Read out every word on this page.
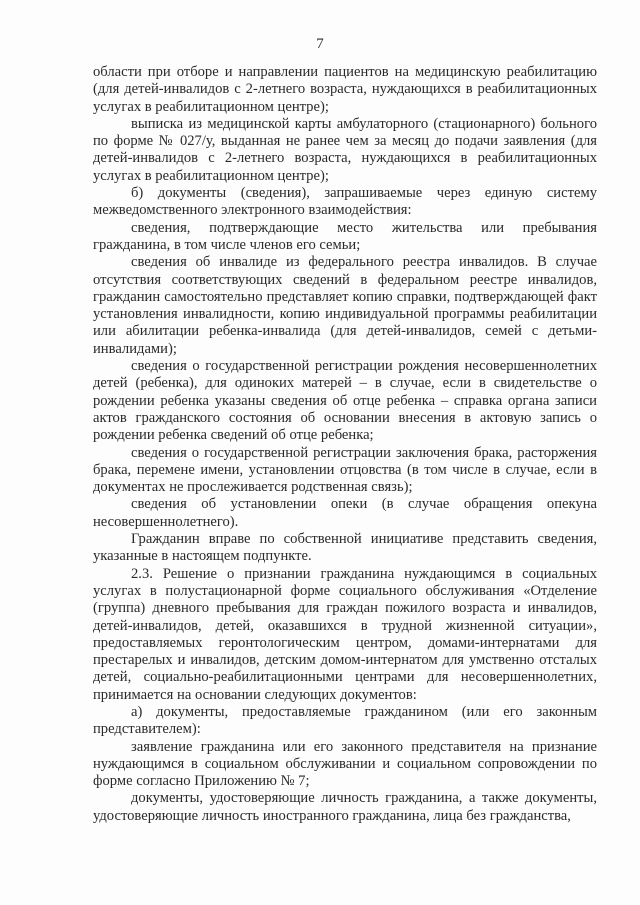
7

области при отборе и направлении пациентов на медицинскую реабилитацию (для детей-инвалидов с 2-летнего возраста, нуждающихся в реабилитационных услугах в реабилитационном центре);

выписка из медицинской карты амбулаторного (стационарного) больного по форме № 027/у, выданная не ранее чем за месяц до подачи заявления (для детей-инвалидов с 2-летнего возраста, нуждающихся в реабилитационных услугах в реабилитационном центре);

б) документы (сведения), запрашиваемые через единую систему межведомственного электронного взаимодействия:

сведения, подтверждающие место жительства или пребывания гражданина, в том числе членов его семьи;

сведения об инвалиде из федерального реестра инвалидов. В случае отсутствия соответствующих сведений в федеральном реестре инвалидов, гражданин самостоятельно представляет копию справки, подтверждающей факт установления инвалидности, копию индивидуальной программы реабилитации или абилитации ребенка-инвалида (для детей-инвалидов, семей с детьми-инвалидами);

сведения о государственной регистрации рождения несовершеннолетних детей (ребенка), для одиноких матерей – в случае, если в свидетельстве о рождении ребенка указаны сведения об отце ребенка – справка органа записи актов гражданского состояния об основании внесения в актовую запись о рождении ребенка сведений об отце ребенка;

сведения о государственной регистрации заключения брака, расторжения брака, перемене имени, установлении отцовства (в том числе в случае, если в документах не прослеживается родственная связь);

сведения об установлении опеки (в случае обращения опекуна несовершеннолетнего).

Гражданин вправе по собственной инициативе представить сведения, указанные в настоящем подпункте.

2.3. Решение о признании гражданина нуждающимся в социальных услугах в полустационарной форме социального обслуживания «Отделение (группа) дневного пребывания для граждан пожилого возраста и инвалидов, детей-инвалидов, детей, оказавшихся в трудной жизненной ситуации», предоставляемых геронтологическим центром, домами-интернатами для престарелых и инвалидов, детским домом-интернатом для умственно отсталых детей, социально-реабилитационными центрами для несовершеннолетних, принимается на основании следующих документов:

а) документы, предоставляемые гражданином (или его законным представителем):

заявление гражданина или его законного представителя на признание нуждающимся в социальном обслуживании и социальном сопровождении по форме согласно Приложению № 7;

документы, удостоверяющие личность гражданина, а также документы, удостоверяющие личность иностранного гражданина, лица без гражданства,
